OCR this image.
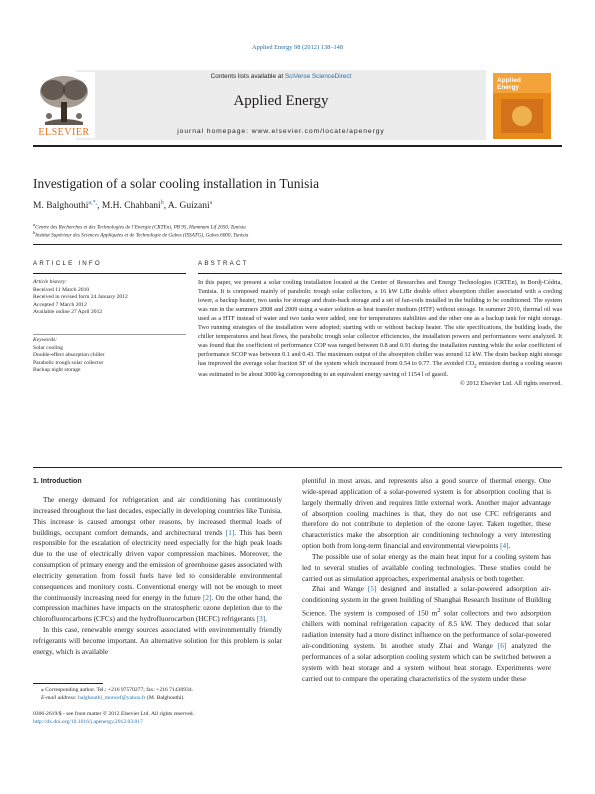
Applied Energy 98 (2012) 138–148
Contents lists available at SciVerse ScienceDirect
Applied Energy
journal homepage: www.elsevier.com/locate/apenergy
ELSEVIER
Applied
Energy
Investigation of a solar cooling installation in Tunisia
M. Balghouthi$^{a,*,}$, M.H. Chahbani$^b$, A. Guizani$^a$
$^a$Centre des Recherches et des Technologies de l’Energie (CRTEn), PB 95, Hammam Lif 2050, Tunisia
$^b$Institut Supérieur des Sciences Appliquées et de Technologie de Gabes (ISSATG), Gabes 6000, Tunisia
ARTICLE INFO	ABSTRACT
Article history:
Received 11 March 2010
Received in revised form 24 January 2012
Accepted 7 March 2012
Available online 27 April 2012
Keywords:
Solar cooling
Double-effect absorption chiller
Parabolic trough solar collector
Backup night storage

In this paper, we present a solar cooling installation located at the Center of Researches and Energy Technologies (CRTEn), in Bordj-Cédria, Tunisia. It is composed mainly of parabolic trough solar collectors, a 16 kW LiBr double effect absorption chiller associated with a cooling tower, a backup heater, two tanks for storage and drain-back storage and a set of fan-coils installed in the building to be conditioned. The system was run in the summers 2008 and 2009 using a water solution as heat transfer medium (HTF) without storage. In summer 2010, thermal oil was used as a HTF instead of water and two tanks were added, one for temperatures stabilities and the other one as a backup tank for night storage. Two running strategies of the installation were adopted; starting with or without backup heater. The site specifications, the building loads, the chiller temperatures and heat flows, the parabolic trough solar collector efficiencies, the installation powers and performances were analyzed. It was found that the coefficient of performance COP was ranged between 0.8 and 0.91 during the installation running while the solar coefficient of performance SCOP was between 0.1 and 0.43. The maximum output of the absorption chiller was around 12 kW. The drain backup night storage has improved the average solar fraction SF of the system which increased from 0.54 to 0.77. The avoided $CO_2$ emission during a cooling season was estimated to be about 3000 kg corresponding to an equivalent energy saving of 1154 l of gasoil.

© 2012 Elsevier Ltd. All rights reserved.

1. Introduction

The energy demand for refrigeration and air conditioning has continuously increased throughout the last decades, especially in developing countries like Tunisia. This increase is caused amongst other reasons, by increased thermal loads of buildings, occupant comfort demands, and architectural trends [1]. This has been responsible for the escalation of electricity need especially for the high peak loads due to the use of electrically driven vapor compression machines. Moreover, the consumption of primary energy and the emission of greenhouse gases associated with electricity generation from fossil fuels have led to considerable environmental consequences and monitory costs. Conventional energy will not be enough to meet the continuously increasing need for energy in the future [2]. On the other hand, the compression machines have impacts on the stratospheric ozone depletion due to the chlorofluorocarbons (CFCs) and the hydrofluorocarbon (HCFC) refrigerants [3].

In this case, renewable energy sources associated with environmentally friendly refrigerants will become important. An alternative solution for this problem is solar energy, which is available

plentiful in most areas, and represents also a good source of thermal energy. One wide-spread application of a solar-powered system is for absorption cooling that is largely thermally driven and requires little external work. Another major advantage of absorption cooling machines is that, they do not use CFC refrigerants and therefore do not contribute to depletion of the ozone layer. Taken together, these characteristics make the absorption air conditioning technology a very interesting option both from long-term financial and environmental viewpoints [4].

The possible use of solar energy as the main heat input for a cooling system has led to several studies of available cooling technologies. These studies could be carried out as simulation approaches, experimental analysis or both together.

Zhai and Wange [5] designed and installed a solar-powered adsorption air-conditioning system in the green building of Shanghai Research Institute of Building Science. The system is composed of 150 $m^2$ solar collectors and two adsorption chillers with nominal refrigeration capacity of 8.5 kW. They deduced that solar radiation intensity had a more distinct influence on the performance of solar-powered air-conditioning system. In another study Zhai and Wange [6] analyzed the performances of a solar adsorption cooling system which can be switched between a system with heat storage and a system without heat storage. Experiments were carried out to compare the operating characteristics of the system under these

⁎ Corresponding author. Tel.: +216 97570277; fax: +216 71430934.
E-mail address: balghouthi_moncef@yahoo.fr (M. Balghouthi).
0306-2619/$ - see front matter © 2012 Elsevier Ltd. All rights reserved.
http://dx.doi.org/10.1016/j.apenergy.2012.03.017
